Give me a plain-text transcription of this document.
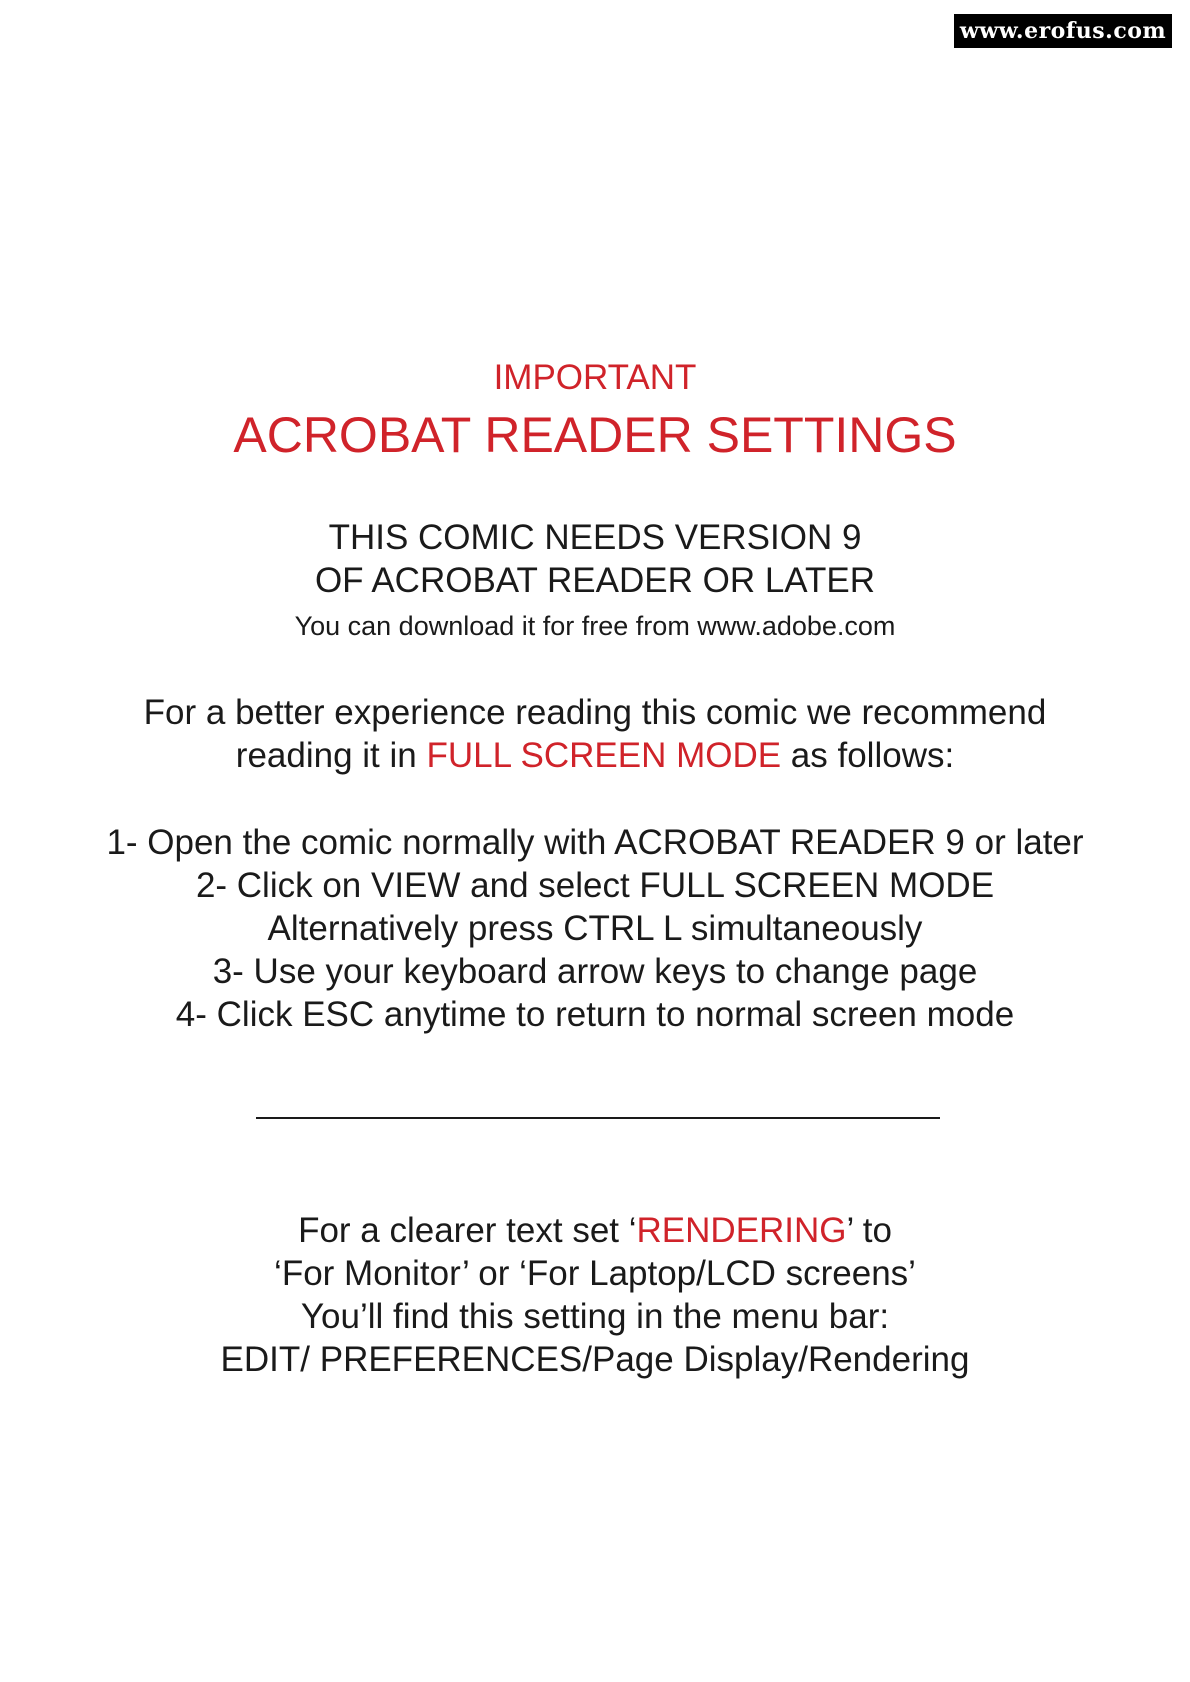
www.erofus.com
IMPORTANT
ACROBAT READER SETTINGS
THIS COMIC NEEDS VERSION 9
OF ACROBAT READER OR LATER
You can download it for free from www.adobe.com
For a better experience reading this comic we recommend
reading it in FULL SCREEN MODE as follows:
1- Open the comic normally with ACROBAT READER 9 or later
2- Click on VIEW and select FULL SCREEN MODE
Alternatively press CTRL L simultaneously
3- Use your keyboard arrow keys to change page
4- Click ESC anytime to return to normal screen mode
For a clearer text set ‘RENDERING’ to
‘For Monitor’ or ‘For Laptop/LCD screens’
You’ll find this setting in the menu bar:
EDIT/ PREFERENCES/Page Display/Rendering
